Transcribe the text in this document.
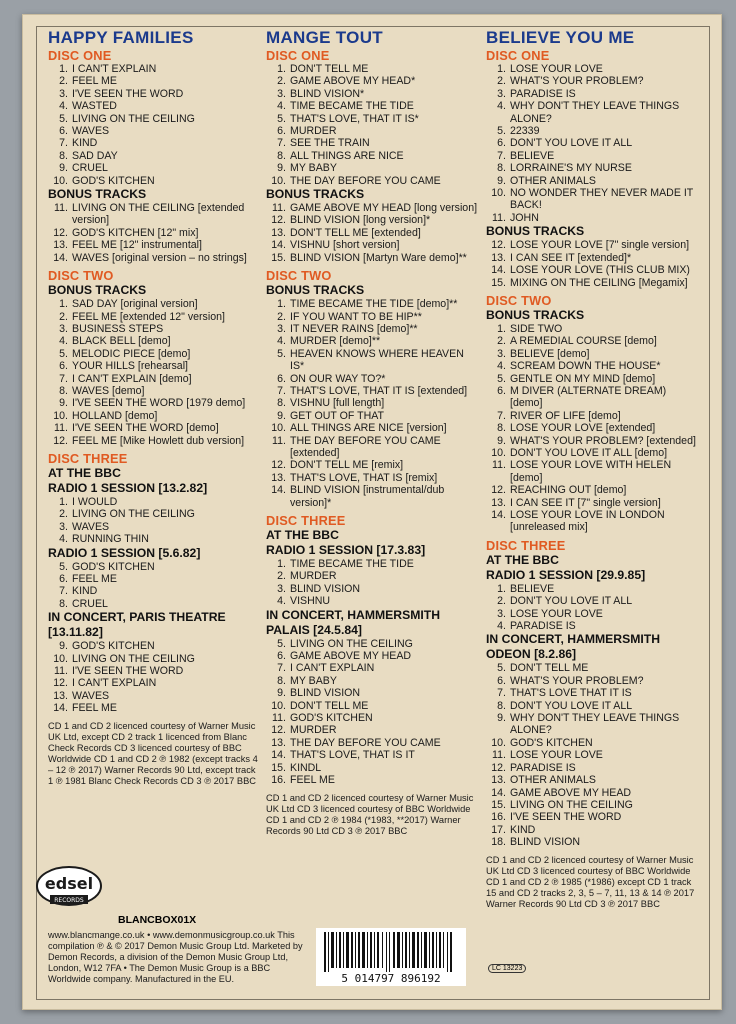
HAPPY FAMILIES
DISC ONE
1. I CAN'T EXPLAIN
2. FEEL ME
3. I'VE SEEN THE WORD
4. WASTED
5. LIVING ON THE CEILING
6. WAVES
7. KIND
8. SAD DAY
9. CRUEL
10. GOD'S KITCHEN
BONUS TRACKS
11. LIVING ON THE CEILING [extended version]
12. GOD'S KITCHEN [12" mix]
13. FEEL ME [12" instrumental]
14. WAVES [original version – no strings]
DISC TWO
BONUS TRACKS
1. SAD DAY [original version]
2. FEEL ME [extended 12" version]
3. BUSINESS STEPS
4. BLACK BELL [demo]
5. MELODIC PIECE [demo]
6. YOUR HILLS [rehearsal]
7. I CAN'T EXPLAIN [demo]
8. WAVES [demo]
9. I'VE SEEN THE WORD [1979 demo]
10. HOLLAND [demo]
11. I'VE SEEN THE WORD [demo]
12. FEEL ME [Mike Howlett dub version]
DISC THREE
AT THE BBC
RADIO 1 SESSION [13.2.82]
1. I WOULD
2. LIVING ON THE CEILING
3. WAVES
4. RUNNING THIN
RADIO 1 SESSION [5.6.82]
5. GOD'S KITCHEN
6. FEEL ME
7. KIND
8. CRUEL
IN CONCERT, PARIS THEATRE [13.11.82]
9. GOD'S KITCHEN
10. LIVING ON THE CEILING
11. I'VE SEEN THE WORD
12. I CAN'T EXPLAIN
13. WAVES
14. FEEL ME
CD 1 and CD 2 licenced courtesy of Warner Music UK Ltd, except CD 2 track 1 licenced from Blanc Check Records CD 3 licenced courtesy of BBC Worldwide CD 1 and CD 2 ℗ 1982 (except tracks 4 – 12 ℗ 2017) Warner Records 90 Ltd, except track 1 ℗ 1981 Blanc Check Records CD 3 ℗ 2017 BBC
MANGE TOUT
DISC ONE
1. DON'T TELL ME
2. GAME ABOVE MY HEAD*
3. BLIND VISION*
4. TIME BECAME THE TIDE
5. THAT'S LOVE, THAT IT IS*
6. MURDER
7. SEE THE TRAIN
8. ALL THINGS ARE NICE
9. MY BABY
10. THE DAY BEFORE YOU CAME
BONUS TRACKS
11. GAME ABOVE MY HEAD [long version]
12. BLIND VISION [long version]*
13. DON'T TELL ME [extended]
14. VISHNU [short version]
15. BLIND VISION [Martyn Ware demo]**
DISC TWO
BONUS TRACKS
1. TIME BECAME THE TIDE [demo]**
2. IF YOU WANT TO BE HIP**
3. IT NEVER RAINS [demo]**
4. MURDER [demo]**
5. HEAVEN KNOWS WHERE HEAVEN IS*
6. ON OUR WAY TO?*
7. THAT'S LOVE, THAT IT IS [extended]
8. VISHNU [full length]
9. GET OUT OF THAT
10. ALL THINGS ARE NICE [version]
11. THE DAY BEFORE YOU CAME [extended]
12. DON'T TELL ME [remix]
13. THAT'S LOVE, THAT IS [remix]
14. BLIND VISION [instrumental/dub version]*
DISC THREE
AT THE BBC
RADIO 1 SESSION [17.3.83]
1. TIME BECAME THE TIDE
2. MURDER
3. BLIND VISION
4. VISHNU
IN CONCERT, HAMMERSMITH PALAIS [24.5.84]
5. LIVING ON THE CEILING
6. GAME ABOVE MY HEAD
7. I CAN'T EXPLAIN
8. MY BABY
9. BLIND VISION
10. DON'T TELL ME
11. GOD'S KITCHEN
12. MURDER
13. THE DAY BEFORE YOU CAME
14. THAT'S LOVE, THAT IS IT
15. KINDL
16. FEEL ME
CD 1 and CD 2 licenced courtesy of Warner Music UK Ltd CD 3 licenced courtesy of BBC Worldwide CD 1 and CD 2 ℗ 1984 (*1983, **2017) Warner Records 90 Ltd CD 3 ℗ 2017 BBC
BELIEVE YOU ME
DISC ONE
1. LOSE YOUR LOVE
2. WHAT'S YOUR PROBLEM?
3. PARADISE IS
4. WHY DON'T THEY LEAVE THINGS ALONE?
5. 22339
6. DON'T YOU LOVE IT ALL
7. BELIEVE
8. LORRAINE'S MY NURSE
9. OTHER ANIMALS
10. NO WONDER THEY NEVER MADE IT BACK!
11. JOHN
BONUS TRACKS
12. LOSE YOUR LOVE [7" single version]
13. I CAN SEE IT [extended]*
14. LOSE YOUR LOVE (THIS CLUB MIX)
15. MIXING ON THE CEILING [Megamix]
DISC TWO
BONUS TRACKS
1. SIDE TWO
2. A REMEDIAL COURSE [demo]
3. BELIEVE [demo]
4. SCREAM DOWN THE HOUSE*
5. GENTLE ON MY MIND [demo]
6. M DIVER (ALTERNATE DREAM) [demo]
7. RIVER OF LIFE [demo]
8. LOSE YOUR LOVE [extended]
9. WHAT'S YOUR PROBLEM? [extended]
10. DON'T YOU LOVE IT ALL [demo]
11. LOSE YOUR LOVE WITH HELEN [demo]
12. REACHING OUT [demo]
13. I CAN SEE IT [7" single version]
14. LOSE YOUR LOVE IN LONDON [unreleased mix]
DISC THREE
AT THE BBC
RADIO 1 SESSION [29.9.85]
1. BELIEVE
2. DON'T YOU LOVE IT ALL
3. LOSE YOUR LOVE
4. PARADISE IS
IN CONCERT, HAMMERSMITH ODEON [8.2.86]
5. DON'T TELL ME
6. WHAT'S YOUR PROBLEM?
7. THAT'S LOVE THAT IT IS
8. DON'T YOU LOVE IT ALL
9. WHY DON'T THEY LEAVE THINGS ALONE?
10. GOD'S KITCHEN
11. LOSE YOUR LOVE
12. PARADISE IS
13. OTHER ANIMALS
14. GAME ABOVE MY HEAD
15. LIVING ON THE CEILING
16. I'VE SEEN THE WORD
17. KIND
18. BLIND VISION
CD 1 and CD 2 licenced courtesy of Warner Music UK Ltd CD 3 licenced courtesy of BBC Worldwide CD 1 and CD 2 ℗ 1985 (*1986) except CD 1 track 15 and CD 2 tracks 2, 3, 5 – 7, 11, 13 & 14 ℗ 2017 Warner Records 90 Ltd CD 3 ℗ 2017 BBC
edsel
RECORDS
BLANCBOX01X
www.blancmange.co.uk • www.demonmusicgroup.co.uk This compilation ℗ & © 2017 Demon Music Group Ltd. Marketed by Demon Records, a division of the Demon Music Group Ltd, London, W12 7FA • The Demon Music Group is a BBC Worldwide company. Manufactured in the EU.	5 014797 896192
LC 13223
